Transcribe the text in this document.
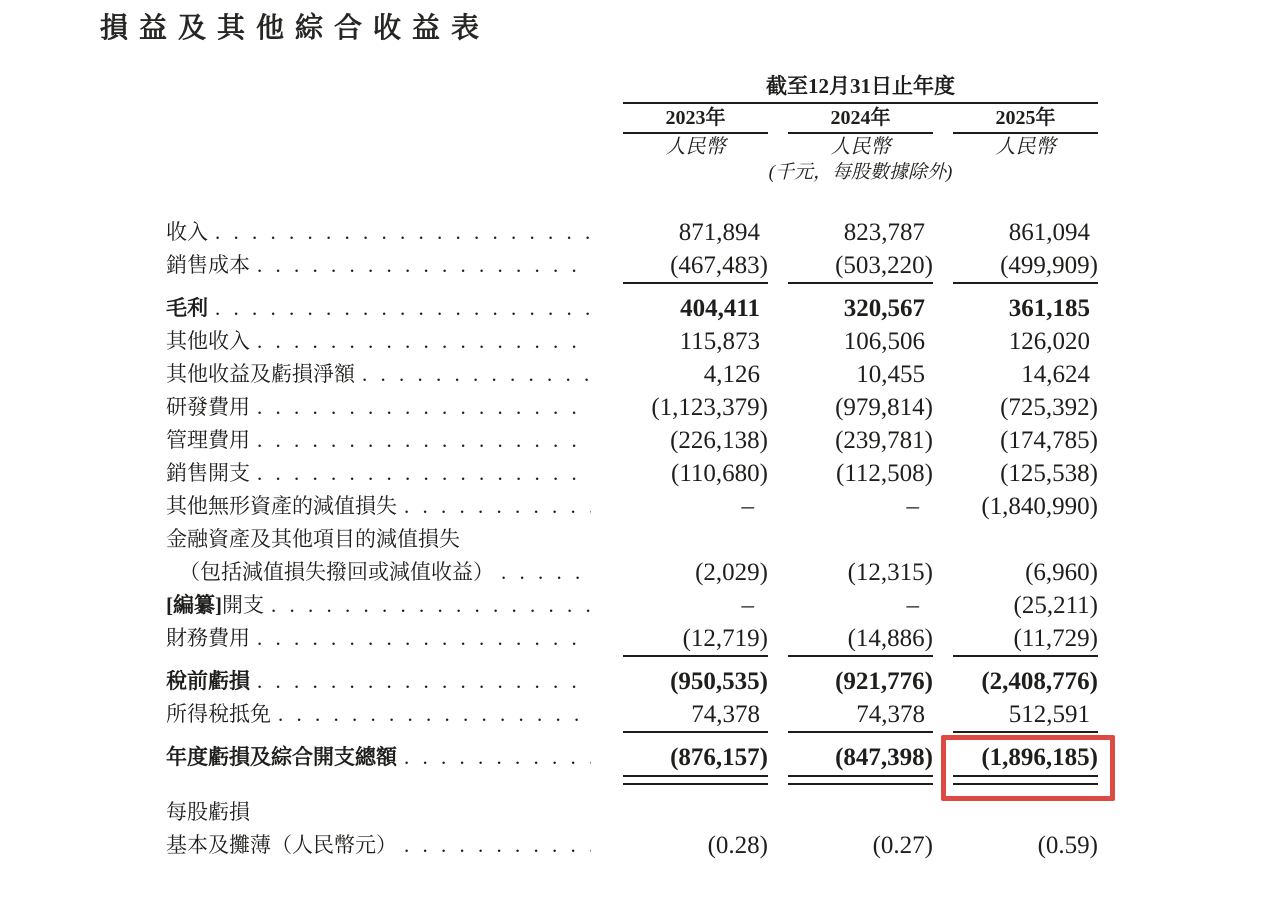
損益及其他綜合收益表
截至12月31日止年度
2023年	2024年	2025年
人民幣	人民幣	人民幣
(千元，每股數據除外)
收入 . . .	871,894	823,787	861,094
銷售成本 . . .	(467,483)	(503,220)	(499,909)
毛利 . . .	404,411	320,567	361,185
其他收入 . . .	115,873	106,506	126,020
其他收益及虧損淨額 . . .	4,126	10,455	14,624
研發費用 . . .	(1,123,379)	(979,814)	(725,392)
管理費用 . . .	(226,138)	(239,781)	(174,785)
銷售開支 . . .	(110,680)	(112,508)	(125,538)
其他無形資產的減值損失 . . .	–	–	(1,840,990)
金融資產及其他項目的減值損失
（包括減值損失撥回或減值收益） . . .	(2,029)	(12,315)	(6,960)
[編纂] 開支 . . .	–	–	(25,211)
財務費用 . . .	(12,719)	(14,886)	(11,729)
稅前虧損 . . .	(950,535)	(921,776)	(2,408,776)
所得稅抵免 . . .	74,378	74,378	512,591
年度虧損及綜合開支總額 . . .	(876,157)	(847,398)	(1,896,185)
每股虧損
基本及攤薄（人民幣元） . . .	(0.28)	(0.27)	(0.59)
